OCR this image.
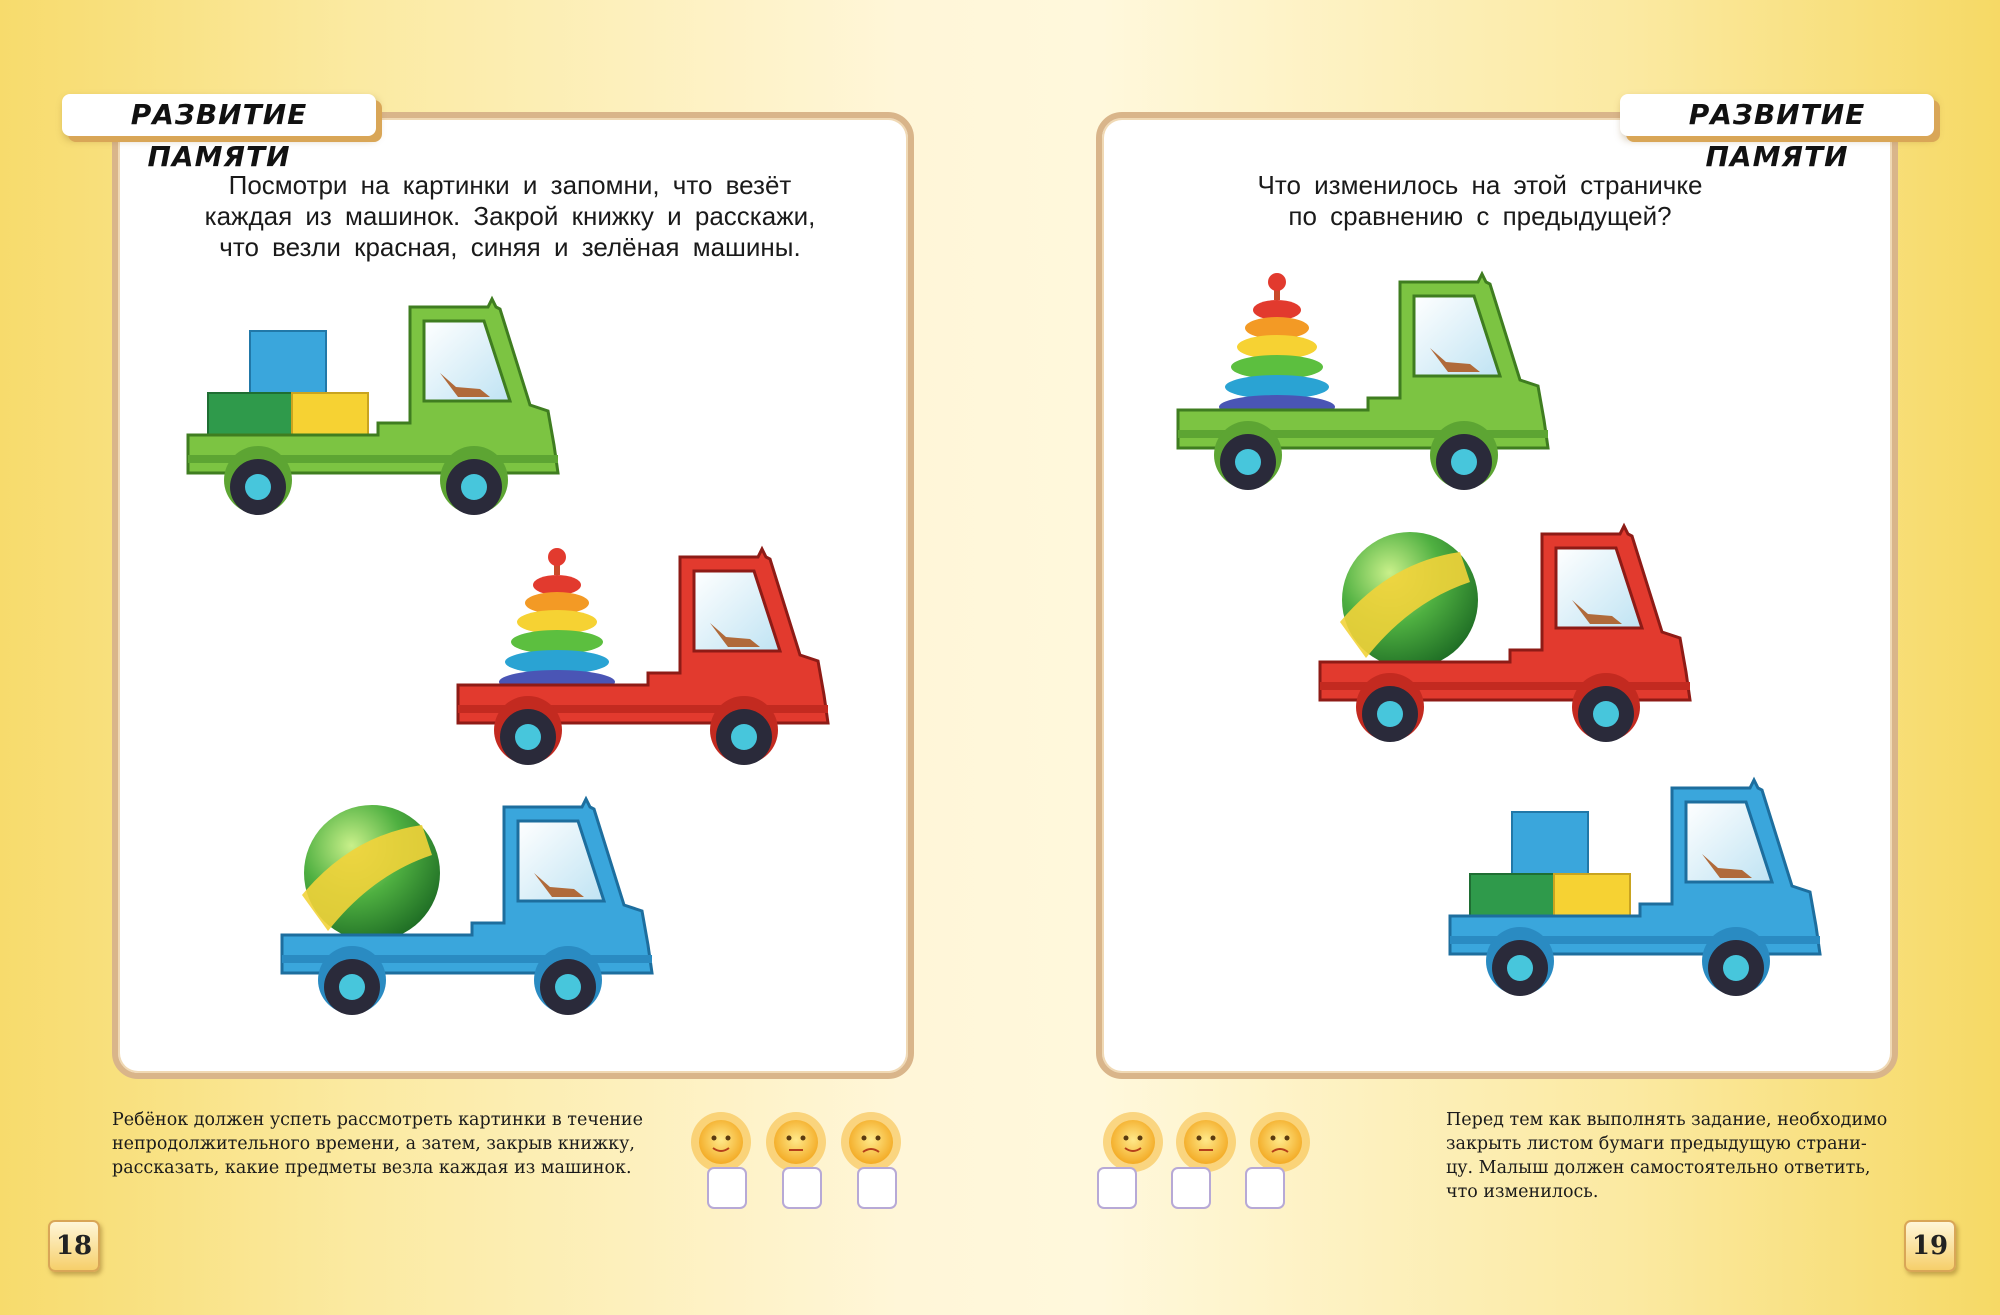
РАЗВИТИЕ ПАМЯТИ
Посмотри на картинки и запомни, что везёт
каждая из машинок. Закрой книжку и расскажи,
что везли красная, синяя и зелёная машины.
Ребёнок должен успеть рассмотреть картинки в течение
непродолжительного времени, а затем, закрыв книжку,
рассказать, какие предметы везла каждая из машинок.
18
РАЗВИТИЕ ПАМЯТИ
Что изменилось на этой страничке
по сравнению с предыдущей?
Перед тем как выполнять задание, необходимо
закрыть листом бумаги предыдущую страни-
цу. Малыш должен самостоятельно ответить,
что изменилось.
19
